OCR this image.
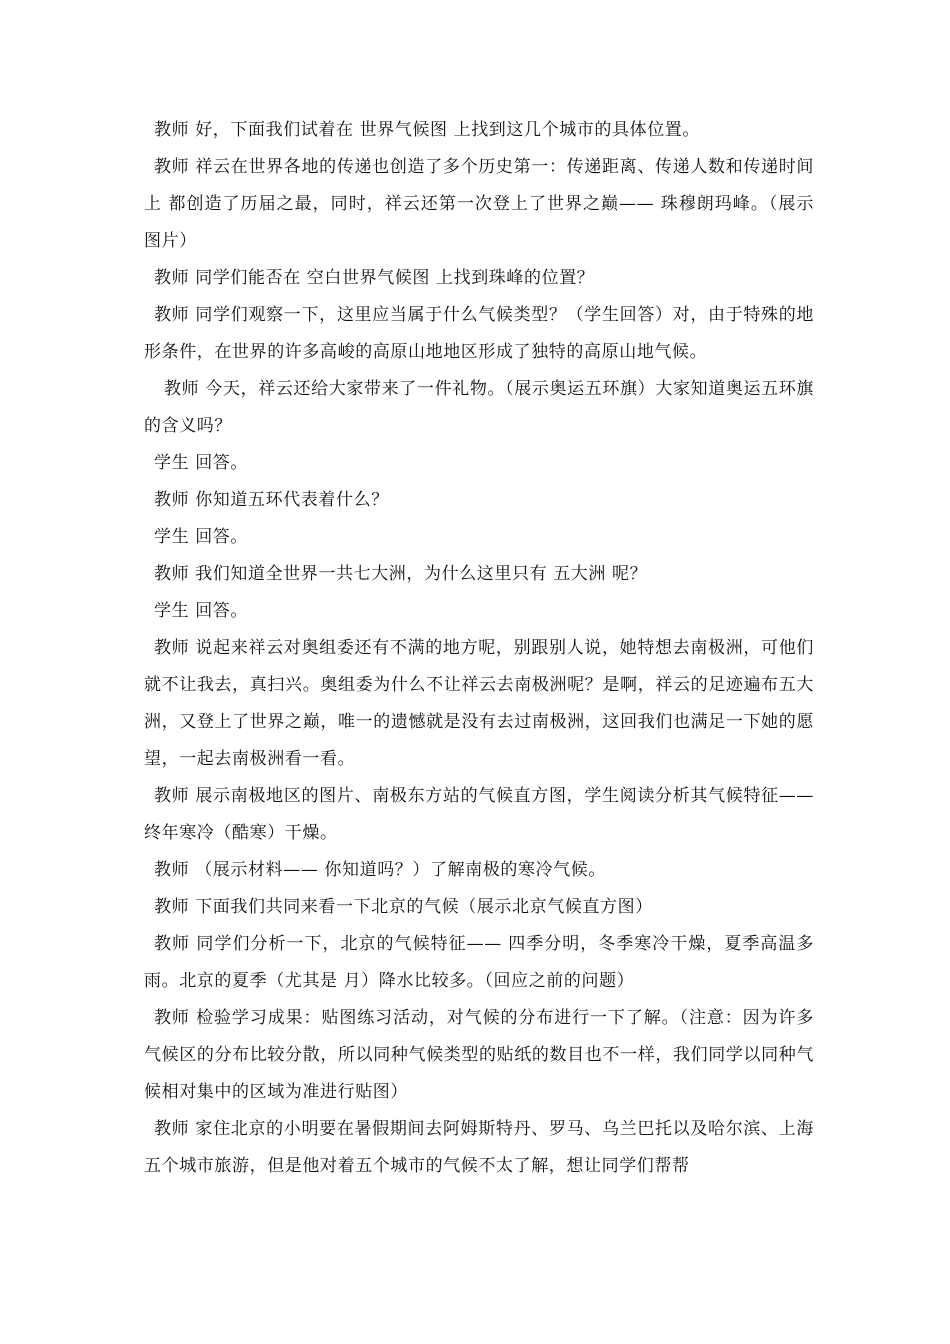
教师 好，下面我们试着在 世界气候图 上找到这几个城市的具体位置。

教师 祥云在世界各地的传递也创造了多个历史第一：传递距离、传递人数和传递时间上 都创造了历届之最，同时，祥云还第一次登上了世界之巅—— 珠穆朗玛峰。（展示图片）

教师 同学们能否在 空白世界气候图 上找到珠峰的位置？

教师 同学们观察一下，这里应当属于什么气候类型？（学生回答）对，由于特殊的地形条件，在世界的许多高峻的高原山地地区形成了独特的高原山地气候。

教师 今天，祥云还给大家带来了一件礼物。（展示奥运五环旗）大家知道奥运五环旗的含义吗？

学生 回答。

教师 你知道五环代表着什么？

学生 回答。

教师 我们知道全世界一共七大洲，为什么这里只有 五大洲 呢？

学生 回答。

教师 说起来祥云对奥组委还有不满的地方呢，别跟别人说，她特想去南极洲，可他们就不让我去，真扫兴。奥组委为什么不让祥云去南极洲呢？是啊，祥云的足迹遍布五大洲，又登上了世界之巅，唯一的遗憾就是没有去过南极洲，这回我们也满足一下她的愿望，一起去南极洲看一看。

教师 展示南极地区的图片、南极东方站的气候直方图，学生阅读分析其气候特征—— 终年寒冷（酷寒）干燥。

教师 （展示材料—— 你知道吗？）了解南极的寒冷气候。

教师 下面我们共同来看一下北京的气候（展示北京气候直方图）

教师 同学们分析一下，北京的气候特征—— 四季分明，冬季寒冷干燥，夏季高温多雨。北京的夏季（尤其是 月）降水比较多。（回应之前的问题）

教师 检验学习成果：贴图练习活动，对气候的分布进行一下了解。（注意：因为许多气候区的分布比较分散，所以同种气候类型的贴纸的数目也不一样，我们同学以同种气候相对集中的区域为准进行贴图）

教师 家住北京的小明要在暑假期间去阿姆斯特丹、罗马、乌兰巴托以及哈尔滨、上海五个城市旅游，但是他对着五个城市的气候不太了解，想让同学们帮帮
